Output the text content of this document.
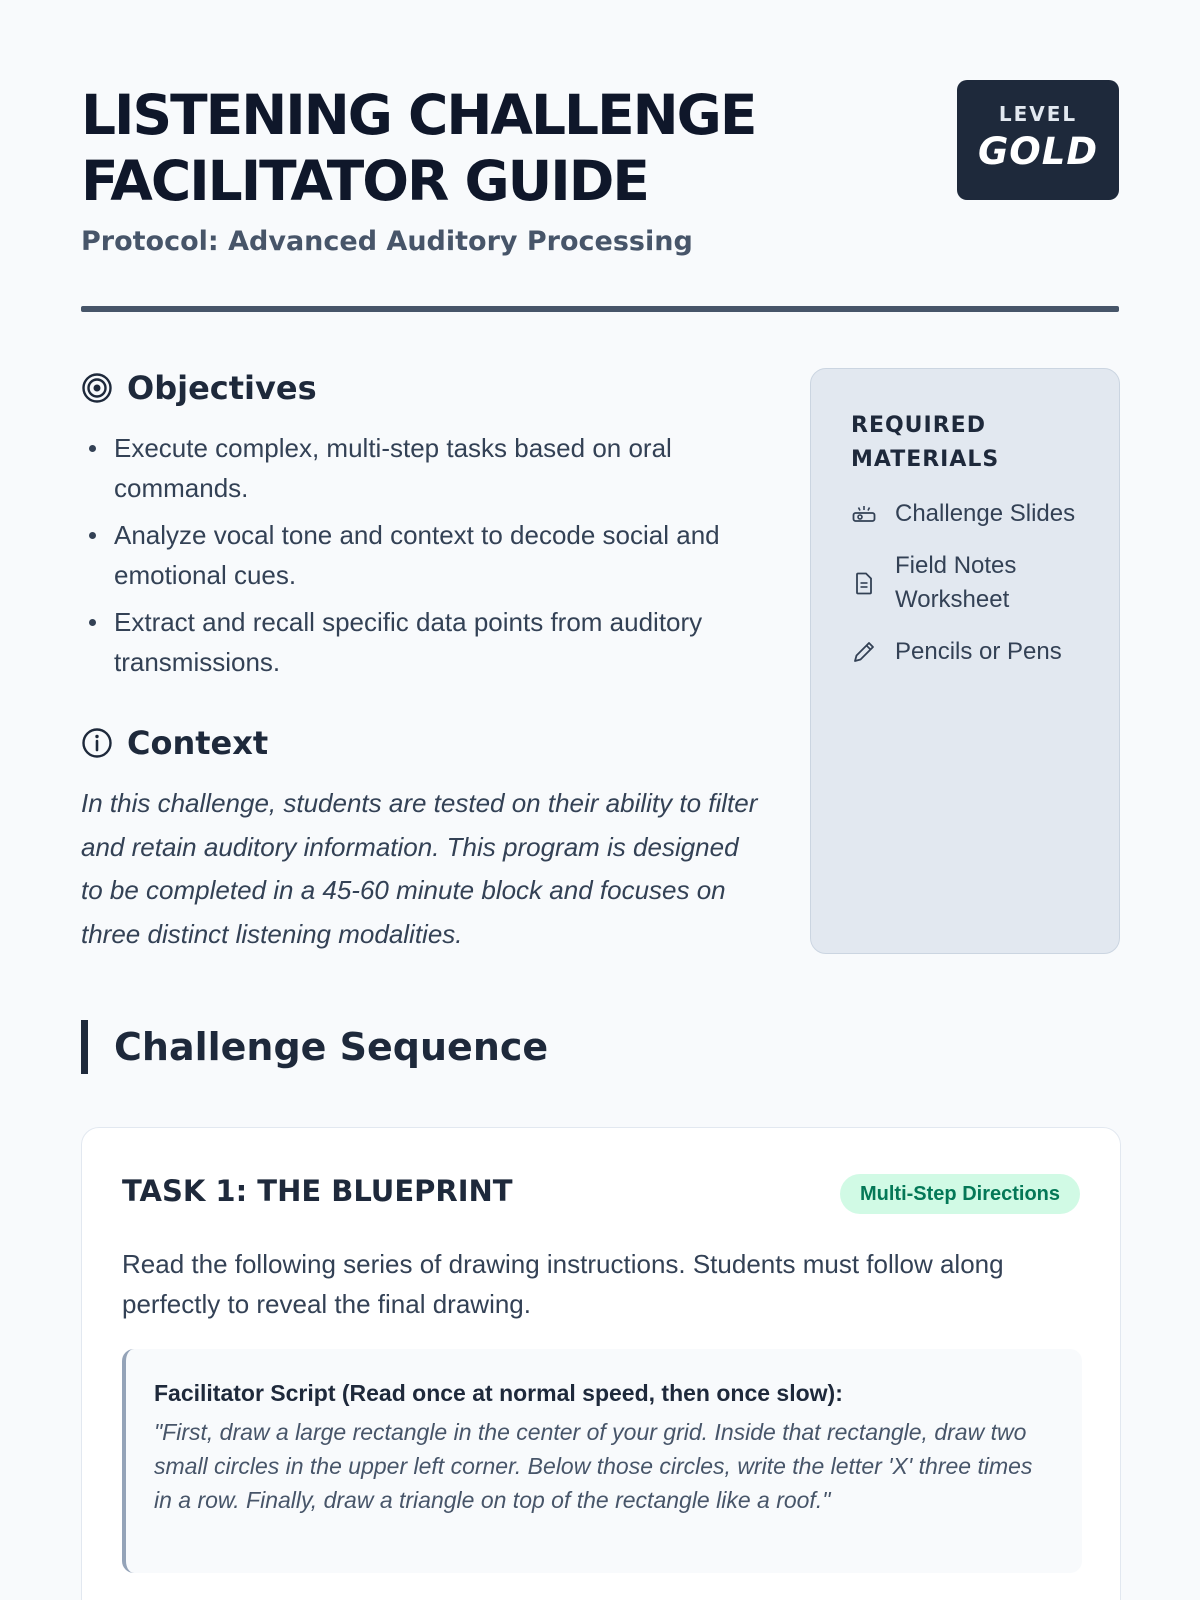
LISTENING CHALLENGE FACILITATOR GUIDE
Protocol: Advanced Auditory Processing
LEVEL
GOLD
Objectives
Execute complex, multi-step tasks based on oral commands.
Analyze vocal tone and context to decode social and emotional cues.
Extract and recall specific data points from auditory transmissions.
Context

In this challenge, students are tested on their ability to filter and retain auditory information. This program is designed to be completed in a 45-60 minute block and focuses on three distinct listening modalities.

REQUIRED MATERIALS
Challenge Slides
Field Notes Worksheet
Pencils or Pens
Challenge Sequence
TASK 1: THE BLUEPRINT	Multi-Step Directions

Read the following series of drawing instructions. Students must follow along perfectly to reveal the final drawing.

Facilitator Script (Read once at normal speed, then once slow):
"First, draw a large rectangle in the center of your grid. Inside that rectangle, draw two small circles in the upper left corner. Below those circles, write the letter 'X' three times in a row. Finally, draw a triangle on top of the rectangle like a roof."
